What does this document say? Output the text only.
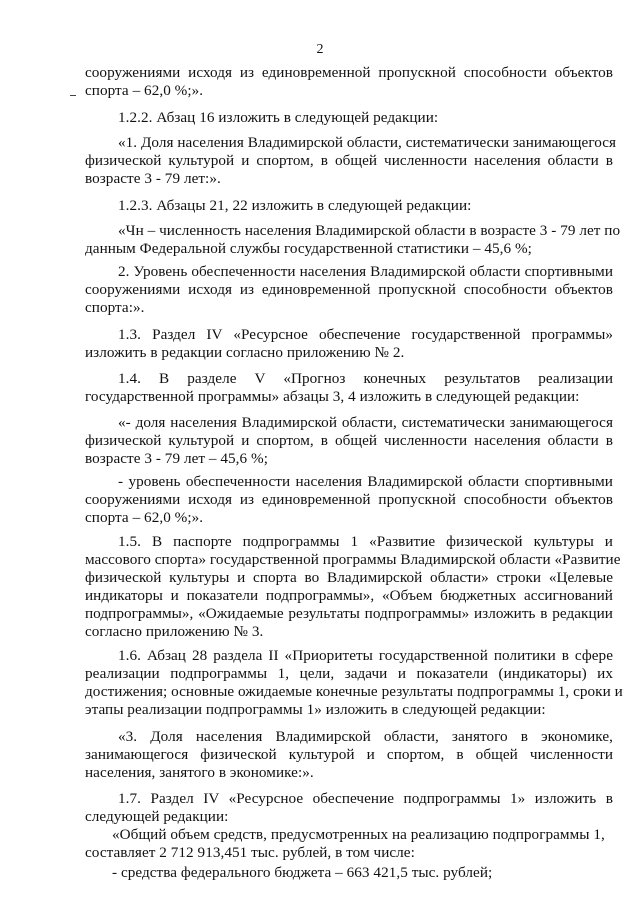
2
сооружениями исходя из единовременной пропускной способности объектов
спорта – 62,0 %;».
1.2.2. Абзац 16 изложить в следующей редакции:
«1. Доля населения Владимирской области, систематически занимающегося
физической культурой и спортом, в общей численности населения области в
возрасте 3 - 79 лет:».
1.2.3. Абзацы 21, 22 изложить в следующей редакции:
«Чн – численность населения Владимирской области в возрасте 3 - 79 лет по
данным Федеральной службы государственной статистики – 45,6 %;
2. Уровень обеспеченности населения Владимирской области спортивными
сооружениями исходя из единовременной пропускной способности объектов
спорта:».
1.3. Раздел IV «Ресурсное обеспечение государственной программы»
изложить в редакции согласно приложению № 2.
1.4. В разделе V «Прогноз конечных результатов реализации
государственной программы» абзацы 3, 4 изложить в следующей редакции:
«- доля населения Владимирской области, систематически занимающегося
физической культурой и спортом, в общей численности населения области в
возрасте 3 - 79 лет – 45,6 %;
- уровень обеспеченности населения Владимирской области спортивными
сооружениями исходя из единовременной пропускной способности объектов
спорта – 62,0 %;».
1.5. В паспорте подпрограммы 1 «Развитие физической культуры и
массового спорта» государственной программы Владимирской области «Развитие
физической культуры и спорта во Владимирской области» строки «Целевые
индикаторы и показатели подпрограммы», «Объем бюджетных ассигнований
подпрограммы», «Ожидаемые результаты подпрограммы» изложить в редакции
согласно приложению № 3.
1.6. Абзац 28 раздела II «Приоритеты государственной политики в сфере
реализации подпрограммы 1, цели, задачи и показатели (индикаторы) их
достижения; основные ожидаемые конечные результаты подпрограммы 1, сроки и
этапы реализации подпрограммы 1» изложить в следующей редакции:
«3. Доля населения Владимирской области, занятого в экономике,
занимающегося физической культурой и спортом, в общей численности
населения, занятого в экономике:».
1.7. Раздел IV «Ресурсное обеспечение подпрограммы 1» изложить в
следующей редакции:
«Общий объем средств, предусмотренных на реализацию подпрограммы 1,
составляет 2 712 913,451 тыс. рублей, в том числе:
- средства федерального бюджета – 663 421,5 тыс. рублей;
